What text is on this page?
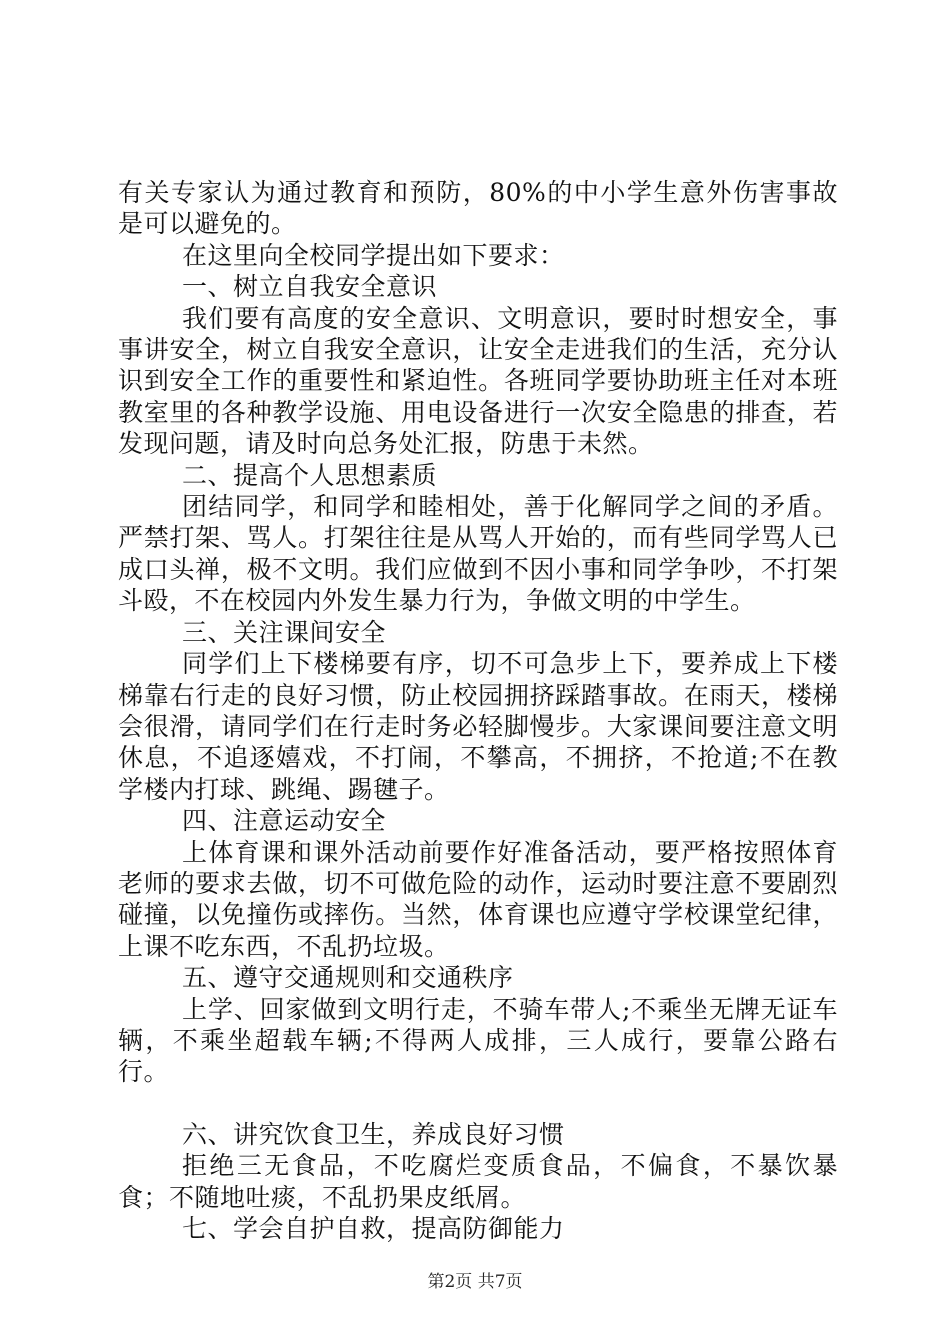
有关专家认为通过教育和预防，80%的中小学生意外伤害事故是可以避免的。

在这里向全校同学提出如下要求：

一、树立自我安全意识

我们要有高度的安全意识、文明意识，要时时想安全，事事讲安全，树立自我安全意识，让安全走进我们的生活，充分认识到安全工作的重要性和紧迫性。各班同学要协助班主任对本班教室里的各种教学设施、用电设备进行一次安全隐患的排查，若发现问题，请及时向总务处汇报，防患于未然。

二、提高个人思想素质

团结同学，和同学和睦相处，善于化解同学之间的矛盾。严禁打架、骂人。打架往往是从骂人开始的，而有些同学骂人已成口头禅，极不文明。我们应做到不因小事和同学争吵，不打架斗殴，不在校园内外发生暴力行为，争做文明的中学生。

三、关注课间安全

同学们上下楼梯要有序，切不可急步上下，要养成上下楼梯靠右行走的良好习惯，防止校园拥挤踩踏事故。在雨天，楼梯会很滑，请同学们在行走时务必轻脚慢步。大家课间要注意文明休息，不追逐嬉戏，不打闹，不攀高，不拥挤，不抢道;不在教学楼内打球、跳绳、踢毽子。

四、注意运动安全

上体育课和课外活动前要作好准备活动，要严格按照体育老师的要求去做，切不可做危险的动作，运动时要注意不要剧烈碰撞，以免撞伤或摔伤。当然，体育课也应遵守学校课堂纪律，上课不吃东西，不乱扔垃圾。

五、遵守交通规则和交通秩序

上学、回家做到文明行走，不骑车带人;不乘坐无牌无证车辆，不乘坐超载车辆;不得两人成排，三人成行，要靠公路右行。

六、讲究饮食卫生，养成良好习惯

拒绝三无食品，不吃腐烂变质食品，不偏食，不暴饮暴食；不随地吐痰，不乱扔果皮纸屑。

七、学会自护自救，提高防御能力

第2页 共7页
